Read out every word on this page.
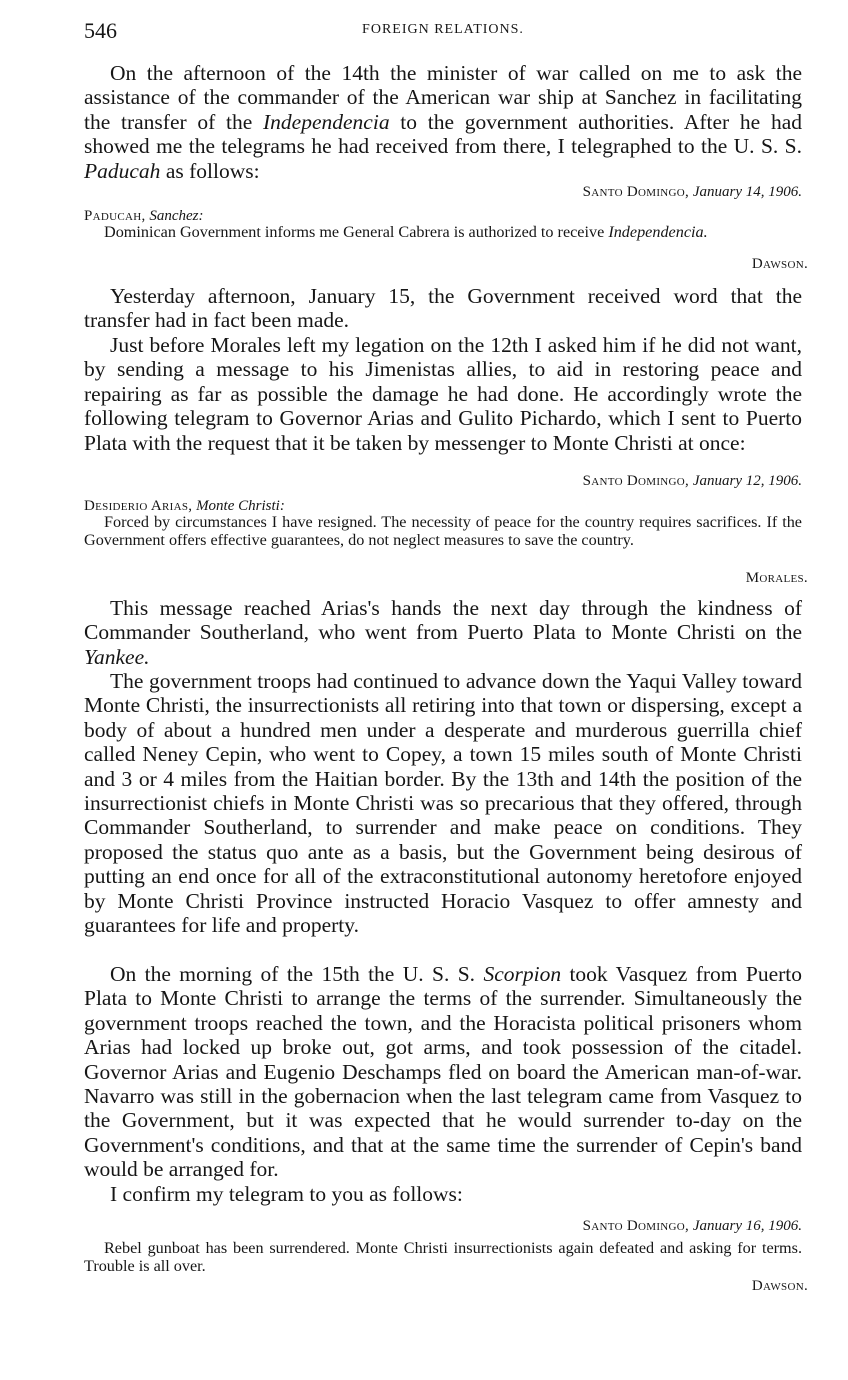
546	FOREIGN RELATIONS.

On the afternoon of the 14th the minister of war called on me to ask the assistance of the commander of the American war ship at Sanchez in facilitating the transfer of the Independencia to the government authorities. After he had showed me the telegrams he had received from there, I telegraphed to the U. S. S. Paducah as follows:

Santo Domingo, January 14, 1906.
Paducah, Sanchez:

Dominican Government informs me General Cabrera is authorized to receive Independencia.

Dawson.

Yesterday afternoon, January 15, the Government received word that the transfer had in fact been made.

Just before Morales left my legation on the 12th I asked him if he did not want, by sending a message to his Jimenistas allies, to aid in restoring peace and repairing as far as possible the damage he had done. He accordingly wrote the following telegram to Governor Arias and Gulito Pichardo, which I sent to Puerto Plata with the request that it be taken by messenger to Monte Christi at once:

Santo Domingo, January 12, 1906.
Desiderio Arias, Monte Christi:

Forced by circumstances I have resigned. The necessity of peace for the country requires sacrifices. If the Government offers effective guarantees, do not neglect measures to save the country.

Morales.

This message reached Arias's hands the next day through the kindness of Commander Southerland, who went from Puerto Plata to Monte Christi on the Yankee.

The government troops had continued to advance down the Yaqui Valley toward Monte Christi, the insurrectionists all retiring into that town or dispersing, except a body of about a hundred men under a desperate and murderous guerrilla chief called Neney Cepin, who went to Copey, a town 15 miles south of Monte Christi and 3 or 4 miles from the Haitian border. By the 13th and 14th the position of the insurrectionist chiefs in Monte Christi was so precarious that they offered, through Commander Southerland, to surrender and make peace on conditions. They proposed the status quo ante as a basis, but the Government being desirous of putting an end once for all of the extraconstitutional autonomy heretofore enjoyed by Monte Christi Province instructed Horacio Vasquez to offer amnesty and guarantees for life and property.

On the morning of the 15th the U. S. S. Scorpion took Vasquez from Puerto Plata to Monte Christi to arrange the terms of the surrender. Simultaneously the government troops reached the town, and the Horacista political prisoners whom Arias had locked up broke out, got arms, and took possession of the citadel. Governor Arias and Eugenio Deschamps fled on board the American man-of-war. Navarro was still in the gobernacion when the last telegram came from Vasquez to the Government, but it was expected that he would surrender to-day on the Government's conditions, and that at the same time the surrender of Cepin's band would be arranged for.

I confirm my telegram to you as follows:

Santo Domingo, January 16, 1906.

Rebel gunboat has been surrendered. Monte Christi insurrectionists again defeated and asking for terms. Trouble is all over.

Dawson.
